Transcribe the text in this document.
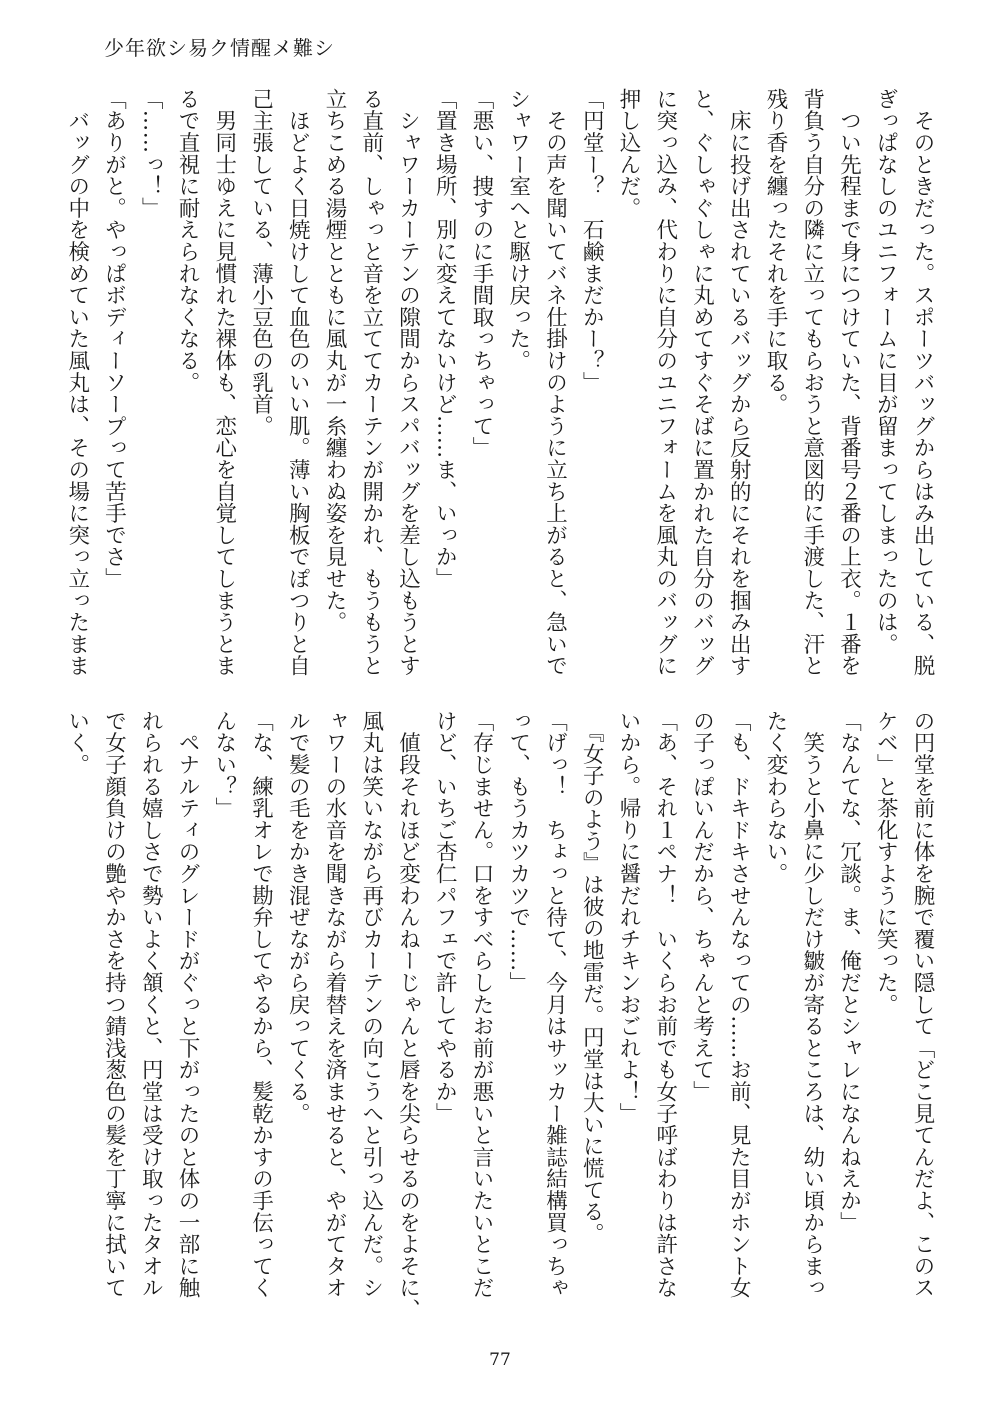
少年欲シ易ク情醒メ難シ
　そのときだった。スポーツバッグからはみ出している、脱
ぎっぱなしのユニフォームに目が留まってしまったのは。
　つい先程まで身につけていた、背番号２番の上衣。１番を
背負う自分の隣に立ってもらおうと意図的に手渡した、汗と
残り香を纏ったそれを手に取る。
　床に投げ出されているバッグから反射的にそれを掴み出す
と、ぐしゃぐしゃに丸めてすぐそばに置かれた自分のバッグ
に突っ込み、代わりに自分のユニフォームを風丸のバッグに
押し込んだ。
「円堂ー？　石鹸まだかー？」
　その声を聞いてバネ仕掛けのように立ち上がると、急いで
シャワー室へと駆け戻った。
「悪い、捜すのに手間取っちゃって」
「置き場所、別に変えてないけど……ま、いっか」
　シャワーカーテンの隙間からスパバッグを差し込もうとす
る直前、しゃっと音を立ててカーテンが開かれ、もうもうと
立ちこめる湯煙とともに風丸が一糸纏わぬ姿を見せた。
　ほどよく日焼けして血色のいい肌。薄い胸板でぽつりと自
己主張している、薄小豆色の乳首。
　男同士ゆえに見慣れた裸体も、恋心を自覚してしまうとま
るで直視に耐えられなくなる。
「……っ！」
「ありがと。やっぱボディーソープって苦手でさ」
　バッグの中を検めていた風丸は、その場に突っ立ったまま
の円堂を前に体を腕で覆い隠して「どこ見てんだよ、このス
ケベ」と茶化すように笑った。
「なんてな、冗談。ま、俺だとシャレになんねえか」
　笑うと小鼻に少しだけ皺が寄るところは、幼い頃からまっ
たく変わらない。
「も、ドキドキさせんなっての……お前、見た目がホント女
の子っぽいんだから、ちゃんと考えて」
「あ、それ１ペナ！　いくらお前でも女子呼ばわりは許さな
いから。帰りに醤だれチキンおごれよ！」
　『女子のよう』は彼の地雷だ。円堂は大いに慌てる。
「げっ！　ちょっと待て、今月はサッカー雑誌結構買っちゃ
って、もうカツカツで……」
「存じません。口をすべらしたお前が悪いと言いたいとこだ
けど、いちご杏仁パフェで許してやるか」
　値段それほど変わんねーじゃんと唇を尖らせるのをよそに、
風丸は笑いながら再びカーテンの向こうへと引っ込んだ。シ
ャワーの水音を聞きながら着替えを済ませると、やがてタオ
ルで髪の毛をかき混ぜながら戻ってくる。
「な、練乳オレで勘弁してやるから、髪乾かすの手伝ってく
んない？」
　ペナルティのグレードがぐっと下がったのと体の一部に触
れられる嬉しさで勢いよく頷くと、円堂は受け取ったタオル
で女子顔負けの艶やかさを持つ錆浅葱色の髪を丁寧に拭いて
いく。
77
